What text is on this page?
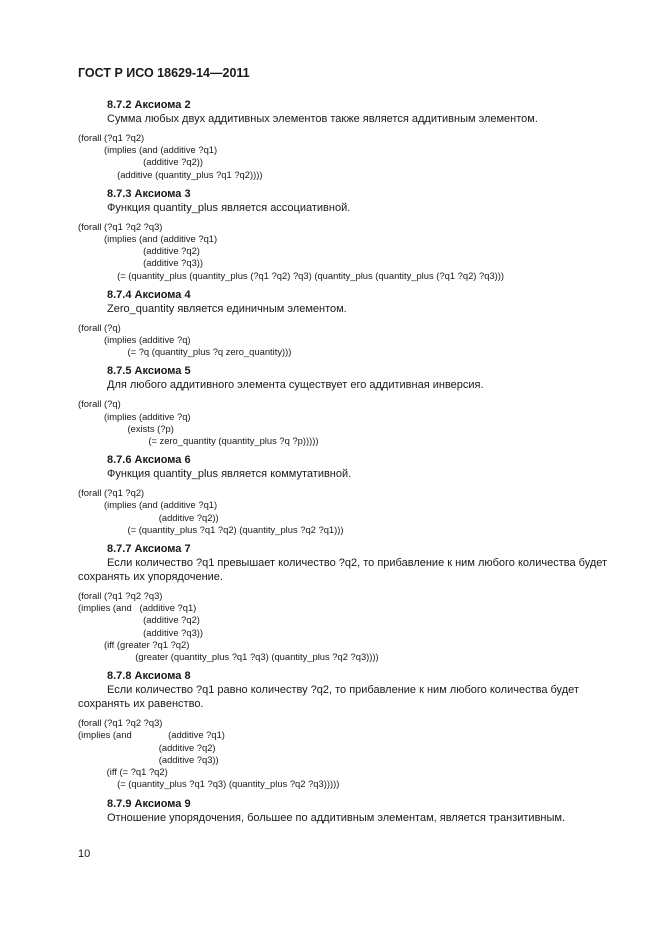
ГОСТ Р ИСО 18629-14—2011
8.7.2 Аксиома 2
Сумма любых двух аддитивных элементов также является аддитивным элементом.
(forall (?q1 ?q2)
(implies (and (additive ?q1)
(additive ?q2))
(additive (quantity_plus ?q1 ?q2))))
8.7.3 Аксиома 3
Функция quantity_plus является ассоциативной.
(forall (?q1 ?q2 ?q3)
(implies (and (additive ?q1)
(additive ?q2)
(additive ?q3))
(= (quantity_plus (quantity_plus (?q1 ?q2) ?q3) (quantity_plus (quantity_plus (?q1 ?q2) ?q3)))
8.7.4 Аксиома 4
Zero_quantity является единичным элементом.
(forall (?q)
(implies (additive ?q)
(= ?q (quantity_plus ?q zero_quantity)))
8.7.5 Аксиома 5
Для любого аддитивного элемента существует его аддитивная инверсия.
(forall (?q)
(implies (additive ?q)
(exists (?p)
(= zero_quantity (quantity_plus ?q ?p)))))
8.7.6 Аксиома 6
Функция quantity_plus является коммутативной.
(forall (?q1 ?q2)
(implies (and (additive ?q1)
(additive ?q2))
(= (quantity_plus ?q1 ?q2) (quantity_plus ?q2 ?q1)))
8.7.7 Аксиома 7
Если количество ?q1 превышает количество ?q2, то прибавление к ним любого количества будет сохранять их упорядочение.
(forall (?q1 ?q2 ?q3)
(implies (and   (additive ?q1)
(additive ?q2)
(additive ?q3))
(iff (greater ?q1 ?q2)
(greater (quantity_plus ?q1 ?q3) (quantity_plus ?q2 ?q3))))
8.7.8 Аксиома 8
Если количество ?q1 равно количеству ?q2, то прибавление к ним любого количества будет сохранять их равенство.
(forall (?q1 ?q2 ?q3)
(implies (and              (additive ?q1)
(additive ?q2)
(additive ?q3))
(iff (= ?q1 ?q2)
(= (quantity_plus ?q1 ?q3) (quantity_plus ?q2 ?q3)))))
8.7.9 Аксиома 9
Отношение упорядочения, большее по аддитивным элементам, является транзитивным.
10
